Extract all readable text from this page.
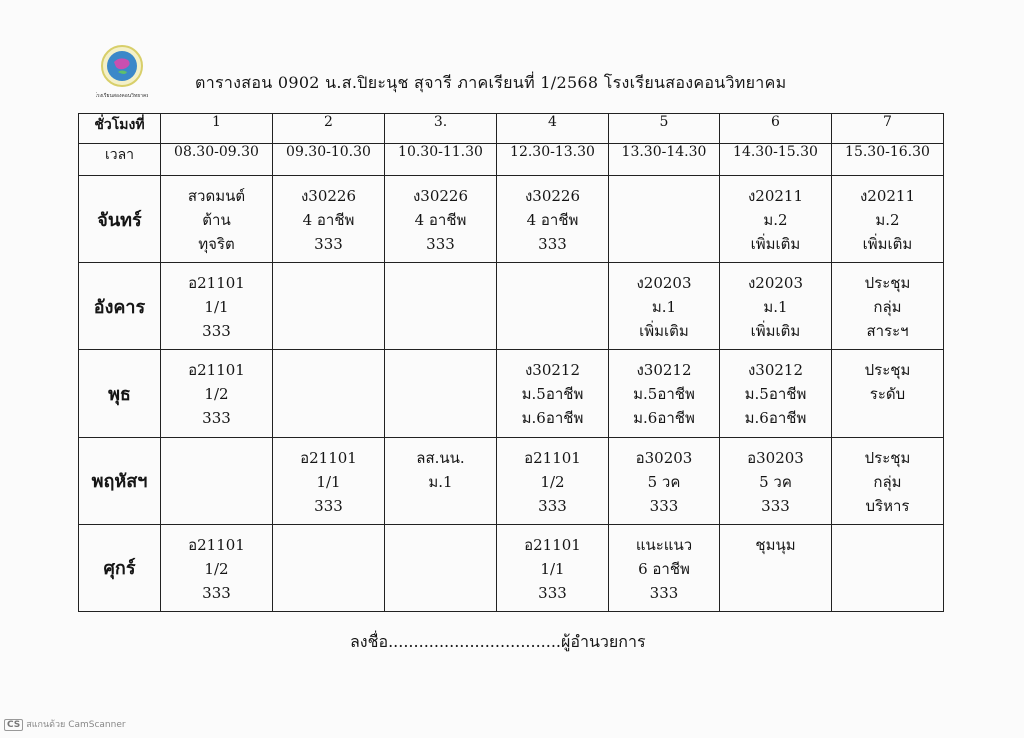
โรงเรียนสองคอนวิทยาคม
ตารางสอน 0902 น.ส.ปิยะนุช สุจารี ภาคเรียนที่ 1/2568 โรงเรียนสองคอนวิทยาคม
ชั่วโมงที่	1	2	3.	4	5	6	7
เวลา	08.30-09.30	09.30-10.30	10.30-11.30	12.30-13.30	13.30-14.30	14.30-15.30	15.30-16.30
จันทร์	สวดมนต์
ต้าน
ทุจริต	ง30226
4 อาชีพ
333	ง30226
4 อาชีพ
333	ง30226
4 อาชีพ
333		ง20211
ม.2
เพิ่มเติม	ง20211
ม.2
เพิ่มเติม

อังคาร	อ21101
1/1
333				ง20203
ม.1
เพิ่มเติม	ง20203
ม.1
เพิ่มเติม	ประชุม
กลุ่ม
สาระฯ

พุธ	อ21101
1/2
333			ง30212
ม.5อาชีพ
ม.6อาชีพ	ง30212
ม.5อาชีพ
ม.6อาชีพ	ง30212
ม.5อาชีพ
ม.6อาชีพ	ประชุม
ระดับ

พฤหัสฯ		อ21101
1/1
333	ลส.นน.
ม.1	อ21101
1/2
333	อ30203
5 วค
333	อ30203
5 วค
333	ประชุม
กลุ่ม
บริหาร

ศุกร์	อ21101
1/2
333			อ21101
1/1
333	แนะแนว
6 อาชีพ
333	ชุมนุม	

ลงชื่อ..................................ผู้อำนวยการ
CS สแกนด้วย CamScanner
